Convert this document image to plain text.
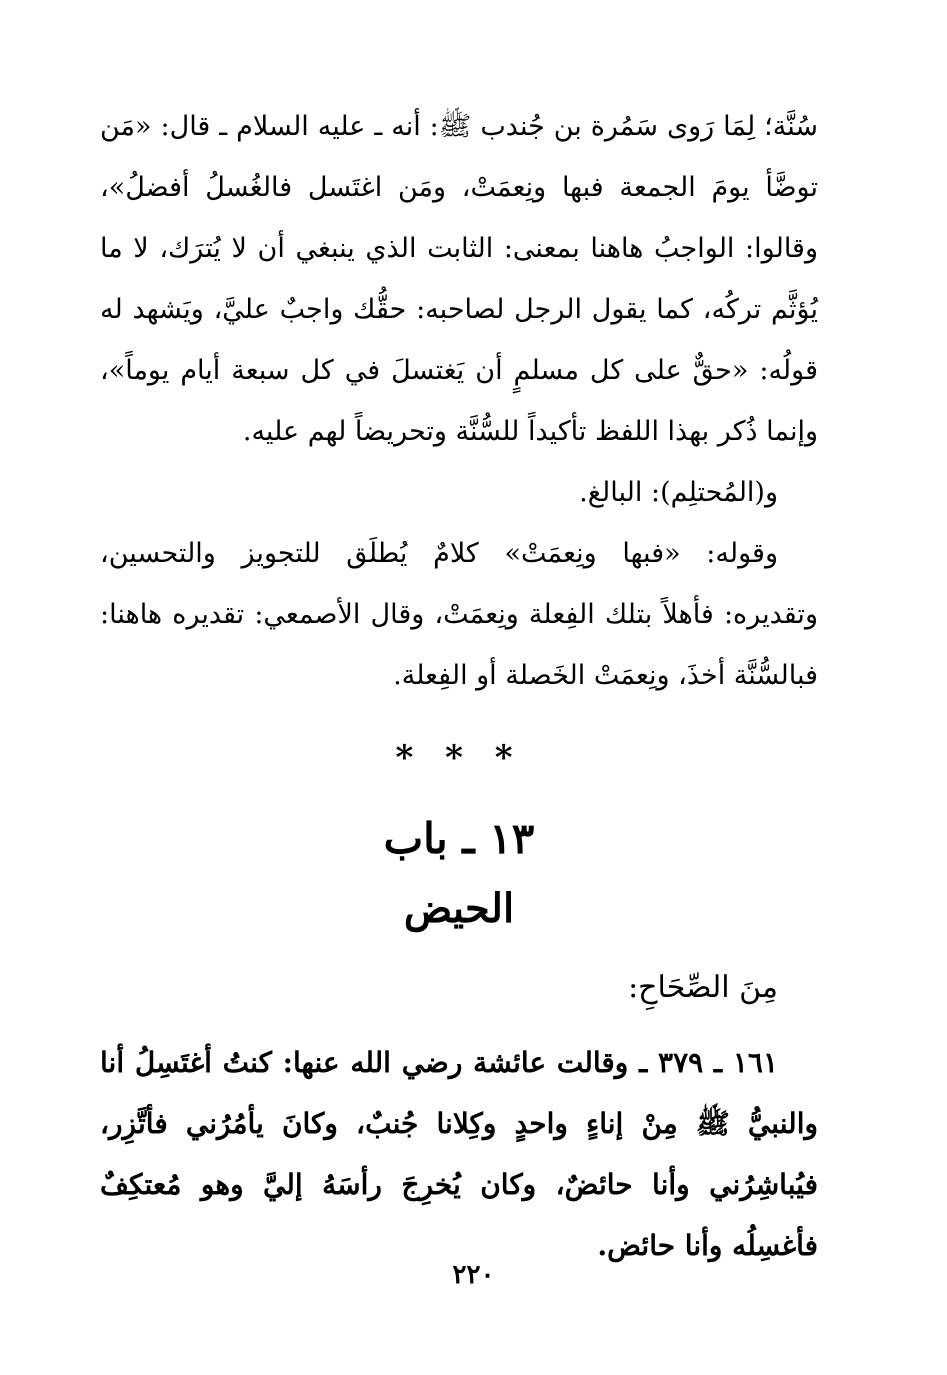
سُنَّة؛ لِمَا رَوى سَمُرة بن جُندب ﷺ: أنه ـ عليه السلام ـ قال: «مَن توضَّأ يومَ الجمعة فبها ونِعمَتْ، ومَن اغتَسل فالغُسلُ أفضلُ»، وقالوا: الواجبُ هاهنا بمعنى: الثابت الذي ينبغي أن لا يُترَك، لا ما يُؤثَّم تركُه، كما يقول الرجل لصاحبه: حقُّك واجبٌ عليَّ، ويَشهد له قولُه: «حقٌّ على كل مسلمٍ أن يَغتسلَ في كل سبعة أيام يوماً»، وإنما ذُكر بهذا اللفظ تأكيداً للسُّنَّة وتحريضاً لهم عليه.

و(المُحتلِم): البالغ.

وقوله: «فبها ونِعمَتْ» كلامٌ يُطلَق للتجويز والتحسين، وتقديره: فأهلاً بتلك الفِعلة ونِعمَتْ، وقال الأصمعي: تقديره هاهنا: فبالسُّنَّة أخذَ، ونِعمَتْ الخَصلة أو الفِعلة.

* * *
١٣ ـ باب
الحيض
مِنَ الصِّحَاحِ:

١٦١ ـ ٣٧٩ ـ وقالت عائشة رضي الله عنها: كنتُ أغتَسِلُ أنا والنبيُّ ﷺ مِنْ إناءٍ واحدٍ وكِلانا جُنبٌ، وكانَ يأمُرُني فأتَّزِر، فيُباشِرُني وأنا حائضٌ، وكان يُخرِجَ رأسَهُ إليَّ وهو مُعتكِفٌ فأغسِلُه وأنا حائض.

٢٢٠
